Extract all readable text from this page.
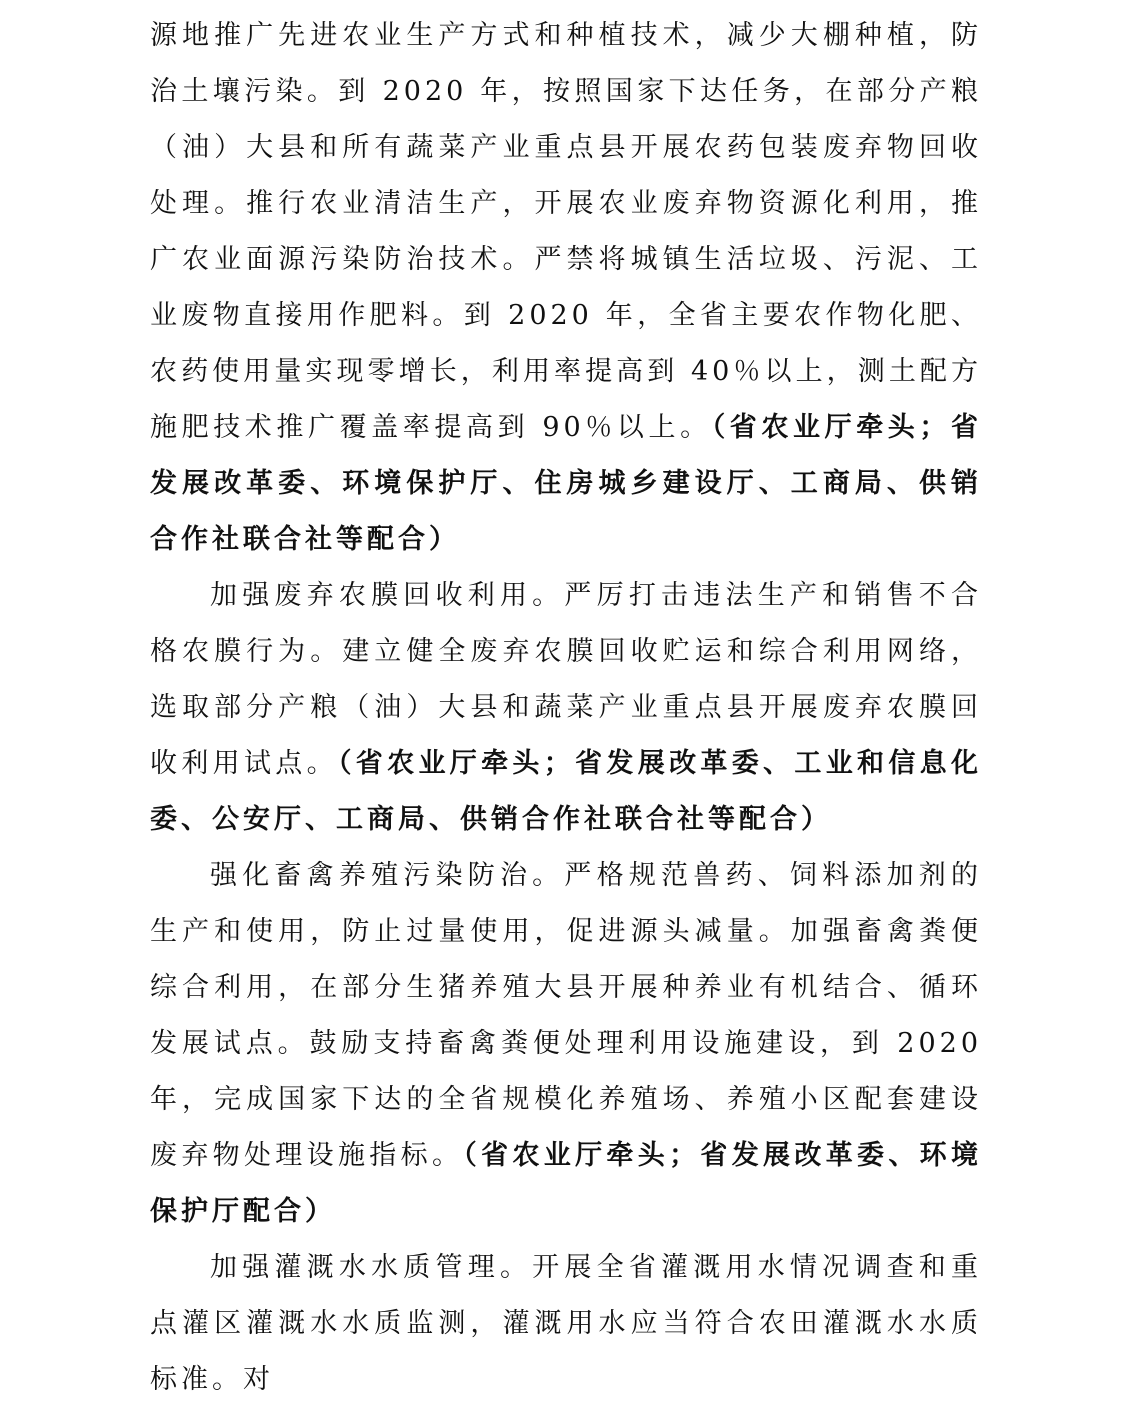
源地推广先进农业生产方式和种植技术，减少大棚种植，防治土壤污染。到 2020 年，按照国家下达任务，在部分产粮（油）大县和所有蔬菜产业重点县开展农药包装废弃物回收处理。推行农业清洁生产，开展农业废弃物资源化利用，推广农业面源污染防治技术。严禁将城镇生活垃圾、污泥、工业废物直接用作肥料。到 2020 年，全省主要农作物化肥、农药使用量实现零增长，利用率提高到 40％以上，测土配方施肥技术推广覆盖率提高到 90％以上。（省农业厅牵头；省发展改革委、环境保护厅、住房城乡建设厅、工商局、供销合作社联合社等配合）

加强废弃农膜回收利用。严厉打击违法生产和销售不合格农膜行为。建立健全废弃农膜回收贮运和综合利用网络，选取部分产粮（油）大县和蔬菜产业重点县开展废弃农膜回收利用试点。（省农业厅牵头；省发展改革委、工业和信息化委、公安厅、工商局、供销合作社联合社等配合）

强化畜禽养殖污染防治。严格规范兽药、饲料添加剂的生产和使用，防止过量使用，促进源头减量。加强畜禽粪便综合利用，在部分生猪养殖大县开展种养业有机结合、循环发展试点。鼓励支持畜禽粪便处理利用设施建设，到 2020 年，完成国家下达的全省规模化养殖场、养殖小区配套建设废弃物处理设施指标。（省农业厅牵头；省发展改革委、环境保护厅配合）

加强灌溉水水质管理。开展全省灌溉用水情况调查和重点灌区灌溉水水质监测，灌溉用水应当符合农田灌溉水水质标准。对
